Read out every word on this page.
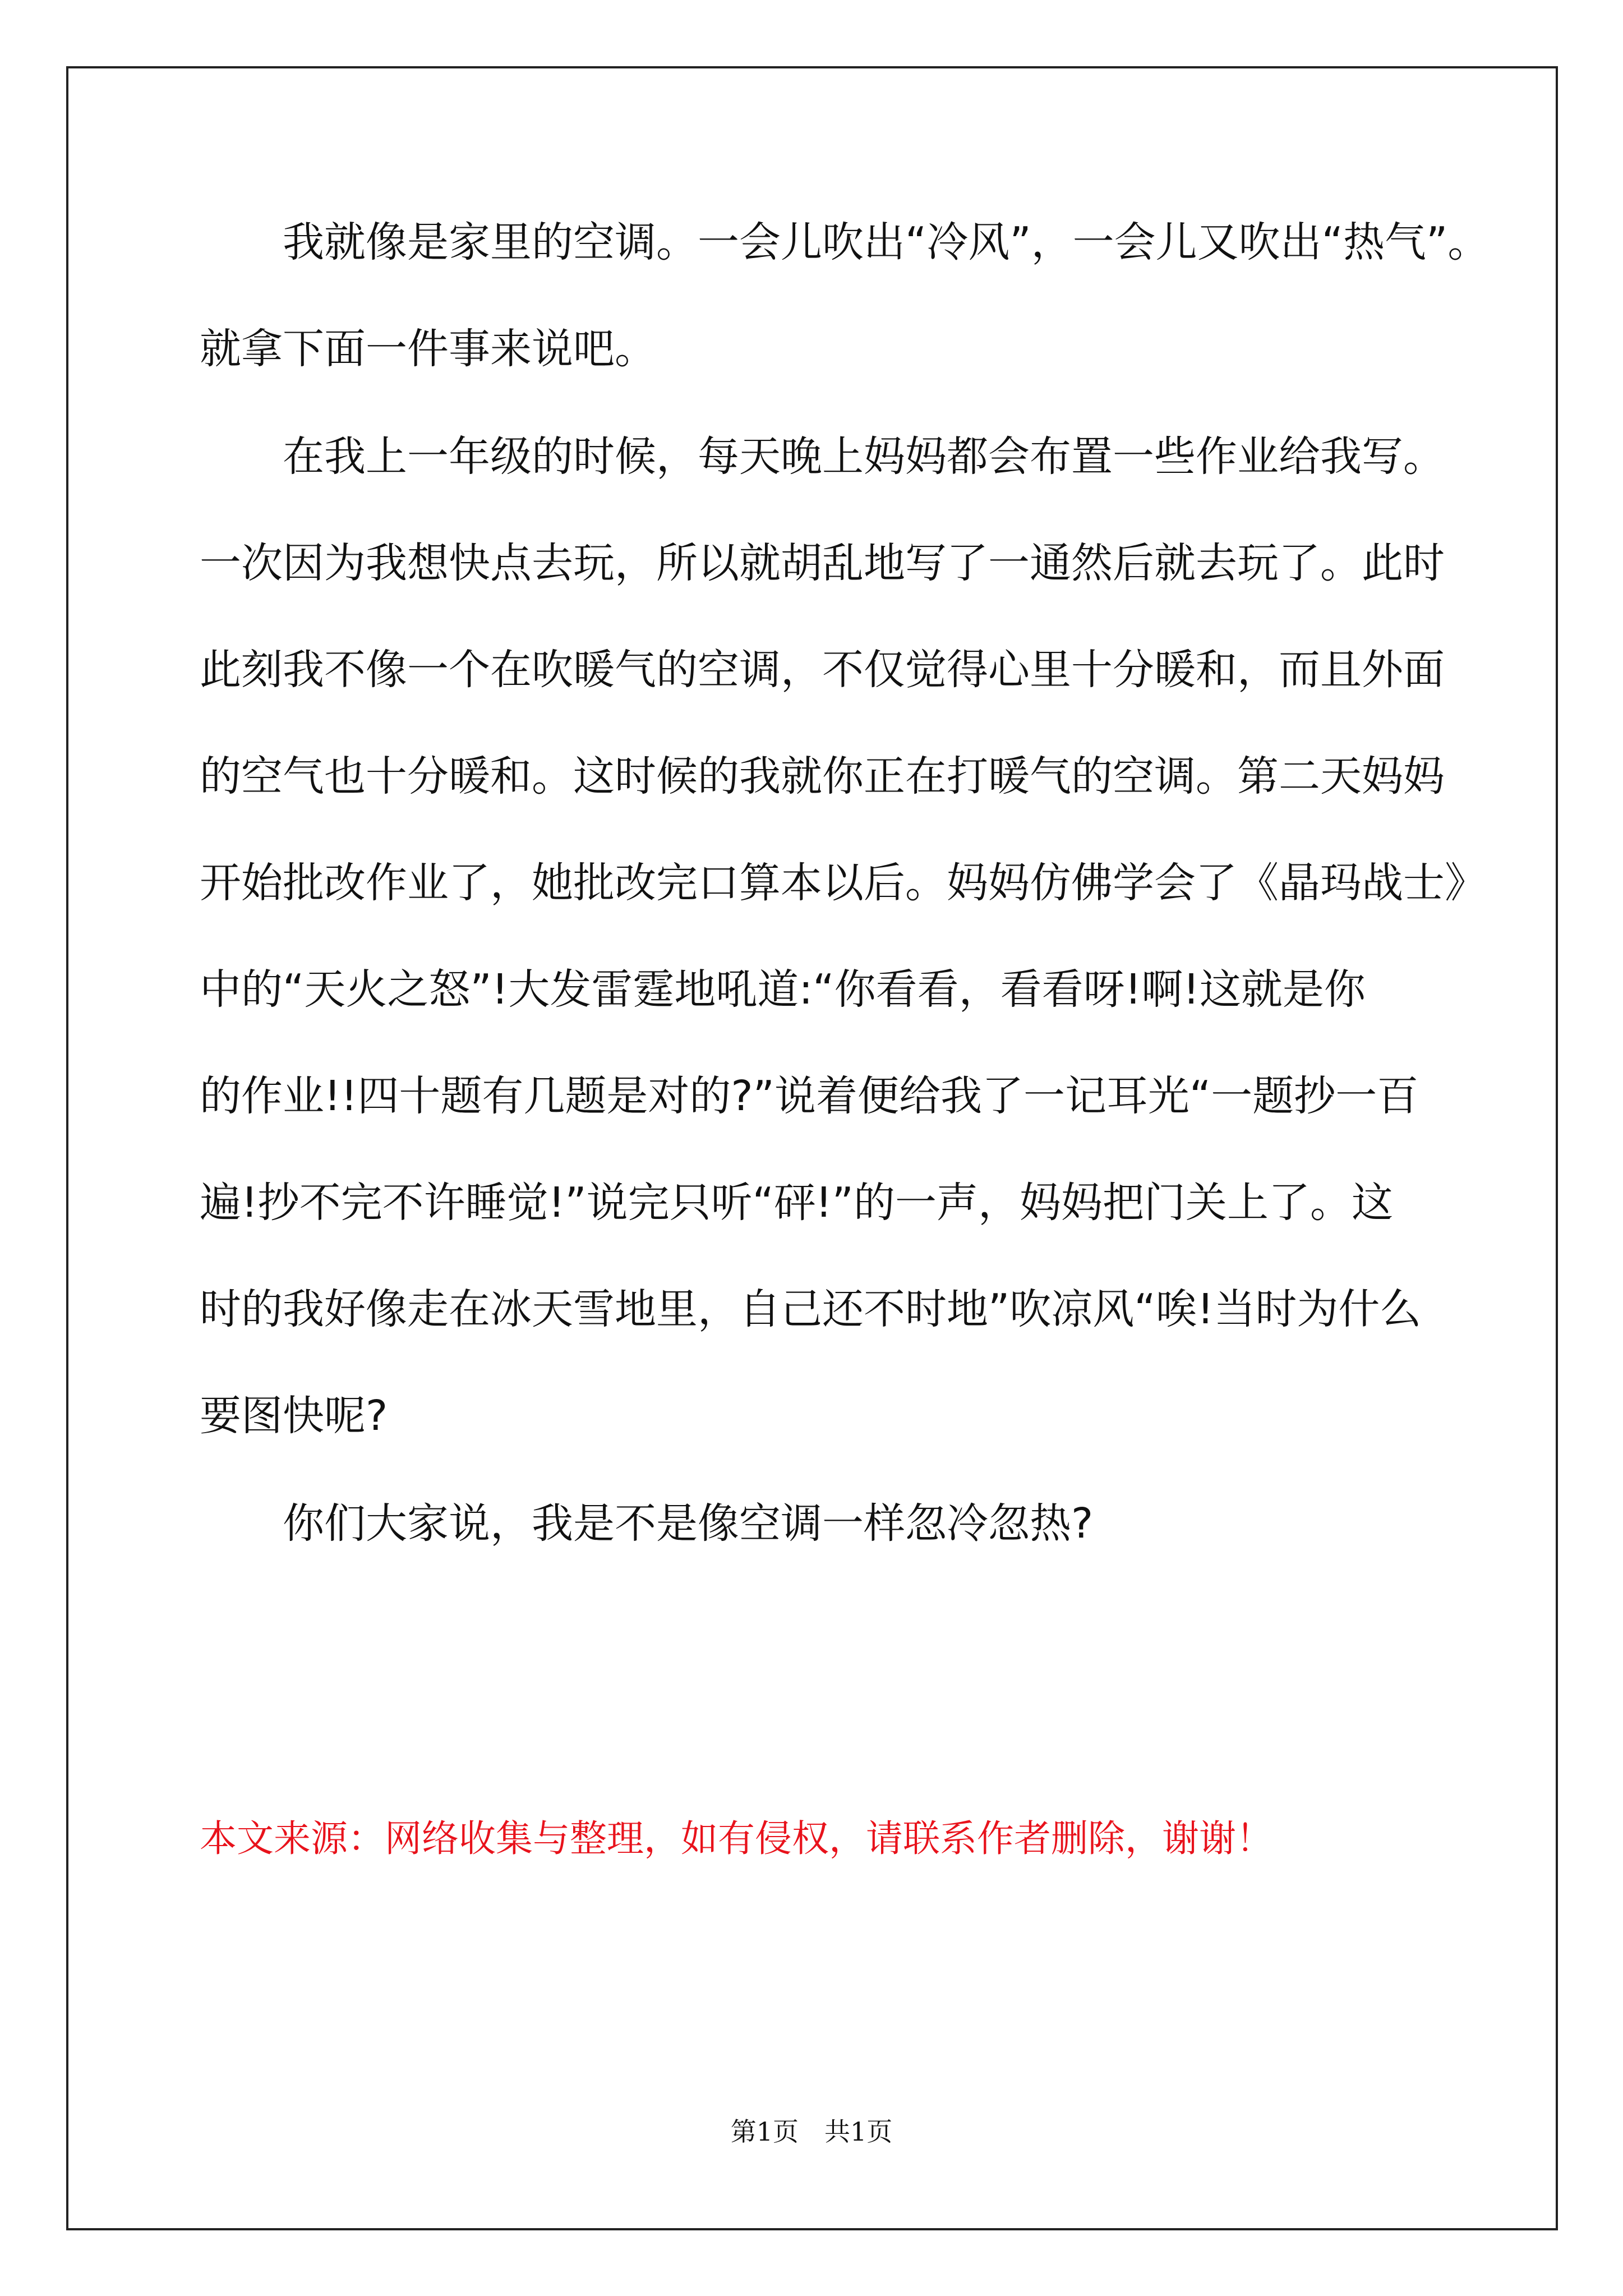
　　我就像是家里的空调。一会儿吹出“冷风”，一会儿又吹出“热气”。
就拿下面一件事来说吧。
　　在我上一年级的时候，每天晚上妈妈都会布置一些作业给我写。
一次因为我想快点去玩，所以就胡乱地写了一通然后就去玩了。此时
此刻我不像一个在吹暖气的空调，不仅觉得心里十分暖和，而且外面
的空气也十分暖和。这时候的我就你正在打暖气的空调。第二天妈妈
开始批改作业了，她批改完口算本以后。妈妈仿佛学会了《晶玛战士》
中的“天火之怒”!大发雷霆地吼道:“你看看，看看呀!啊!这就是你
的作业!!四十题有几题是对的?”说着便给我了一记耳光“一题抄一百
遍!抄不完不许睡觉!”说完只听“砰!”的一声，妈妈把门关上了。这
时的我好像走在冰天雪地里，自己还不时地”吹凉风“唉!当时为什么
要图快呢?
　　你们大家说，我是不是像空调一样忽冷忽热?
本文来源：网络收集与整理，如有侵权，请联系作者删除，谢谢！
第1页　共1页
